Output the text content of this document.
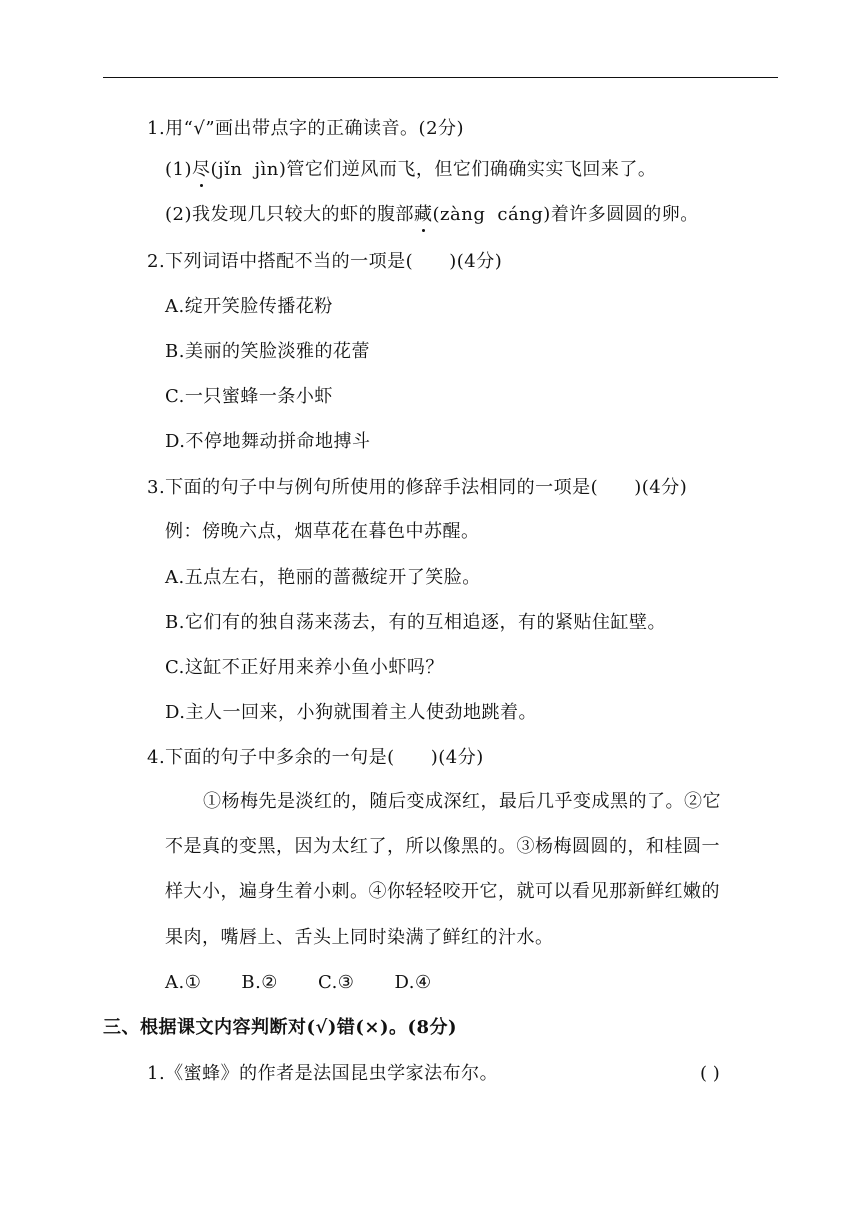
1.用“√”画出带点字的正确读音。(2分)
(1)尽(jǐn jìn)管它们逆风而飞，但它们确确实实飞回来了。
(2)我发现几只较大的虾的腹部藏(zàng cáng)着许多圆圆的卵。
2.下列词语中搭配不当的一项是( )(4分)
A.绽开笑脸传播花粉
B.美丽的笑脸淡雅的花蕾
C.一只蜜蜂一条小虾
D.不停地舞动拼命地搏斗
3.下面的句子中与例句所使用的修辞手法相同的一项是( )(4分)
例：傍晚六点，烟草花在暮色中苏醒。
A.五点左右，艳丽的蔷薇绽开了笑脸。
B.它们有的独自荡来荡去，有的互相追逐，有的紧贴住缸壁。
C.这缸不正好用来养小鱼小虾吗？
D.主人一回来，小狗就围着主人使劲地跳着。
4.下面的句子中多余的一句是( )(4分)
①杨梅先是淡红的，随后变成深红，最后几乎变成黑的了。②它
不是真的变黑，因为太红了，所以像黑的。③杨梅圆圆的，和桂圆一
样大小，遍身生着小刺。④你轻轻咬开它，就可以看见那新鲜红嫩的
果肉，嘴唇上、舌头上同时染满了鲜红的汁水。
A.① B.② C.③ D.④
三、根据课文内容判断对(√)错(×)。(8分)
1.《蜜蜂》的作者是法国昆虫学家法布尔。	( )
